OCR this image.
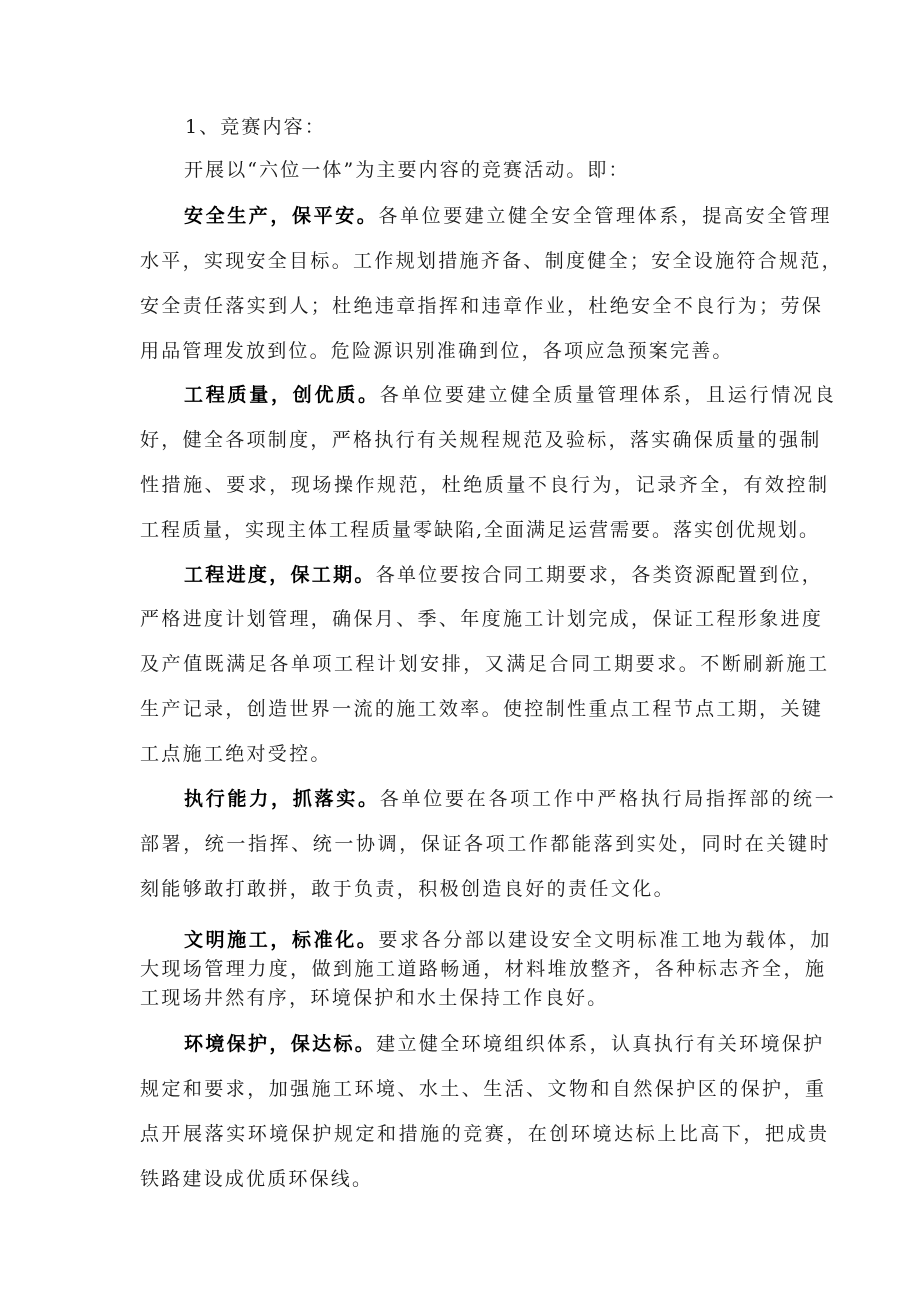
1、竞赛内容：
开展以“六位一体”为主要内容的竞赛活动。即：
安全生产，保平安。各单位要建立健全安全管理体系，提高安全管理
水平，实现安全目标。工作规划措施齐备、制度健全；安全设施符合规范，
安全责任落实到人；杜绝违章指挥和违章作业，杜绝安全不良行为；劳保
用品管理发放到位。危险源识别准确到位，各项应急预案完善。
工程质量，创优质。各单位要建立健全质量管理体系，且运行情况良
好，健全各项制度，严格执行有关规程规范及验标，落实确保质量的强制
性措施、要求，现场操作规范，杜绝质量不良行为，记录齐全，有效控制
工程质量，实现主体工程质量零缺陷,全面满足运营需要。落实创优规划。
工程进度，保工期。各单位要按合同工期要求，各类资源配置到位，
严格进度计划管理，确保月、季、年度施工计划完成，保证工程形象进度
及产值既满足各单项工程计划安排，又满足合同工期要求。不断刷新施工
生产记录，创造世界一流的施工效率。使控制性重点工程节点工期，关键
工点施工绝对受控。
执行能力，抓落实。各单位要在各项工作中严格执行局指挥部的统一
部署，统一指挥、统一协调，保证各项工作都能落到实处，同时在关键时
刻能够敢打敢拼，敢于负责，积极创造良好的责任文化。
文明施工，标准化。要求各分部以建设安全文明标准工地为载体，加
大现场管理力度，做到施工道路畅通，材料堆放整齐，各种标志齐全，施
工现场井然有序，环境保护和水土保持工作良好。
环境保护，保达标。建立健全环境组织体系，认真执行有关环境保护
规定和要求，加强施工环境、水土、生活、文物和自然保护区的保护，重
点开展落实环境保护规定和措施的竞赛，在创环境达标上比高下，把成贵
铁路建设成优质环保线。
